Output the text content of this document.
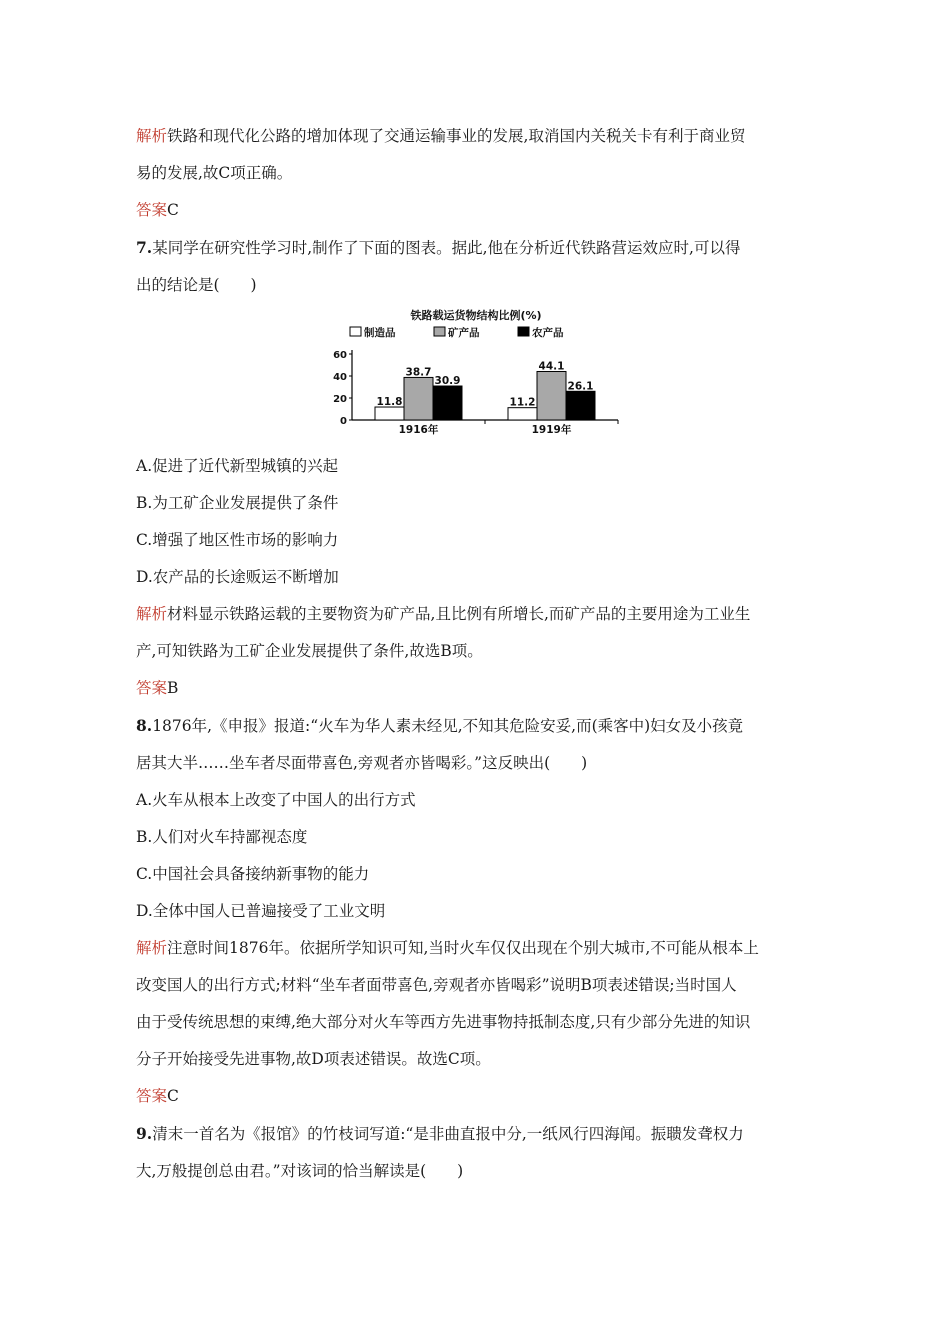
解析铁路和现代化公路的增加体现了交通运输事业的发展,取消国内关税关卡有利于商业贸
易的发展,故C项正确。
答案C
7.某同学在研究性学习时,制作了下面的图表。据此,他在分析近代铁路营运效应时,可以得
出的结论是(　　)
铁路载运货物结构比例(%)
制造品	矿产品	农产品
0
20
40
60
11.8
38.7
30.9
1916年
11.2
44.1
26.1
1919年
A.促进了近代新型城镇的兴起
B.为工矿企业发展提供了条件
C.增强了地区性市场的影响力
D.农产品的长途贩运不断增加
解析材料显示铁路运载的主要物资为矿产品,且比例有所增长,而矿产品的主要用途为工业生
产,可知铁路为工矿企业发展提供了条件,故选B项。
答案B
8.1876年,《申报》报道:“火车为华人素未经见,不知其危险安妥,而(乘客中)妇女及小孩竟
居其大半……坐车者尽面带喜色,旁观者亦皆喝彩。”这反映出(　　)
A.火车从根本上改变了中国人的出行方式
B.人们对火车持鄙视态度
C.中国社会具备接纳新事物的能力
D.全体中国人已普遍接受了工业文明
解析注意时间1876年。依据所学知识可知,当时火车仅仅出现在个别大城市,不可能从根本上
改变国人的出行方式;材料“坐车者面带喜色,旁观者亦皆喝彩”说明B项表述错误;当时国人
由于受传统思想的束缚,绝大部分对火车等西方先进事物持抵制态度,只有少部分先进的知识
分子开始接受先进事物,故D项表述错误。故选C项。
答案C
9.清末一首名为《报馆》的竹枝词写道:“是非曲直报中分,一纸风行四海闻。振聩发聋权力
大,万般提创总由君。”对该词的恰当解读是(　　)
